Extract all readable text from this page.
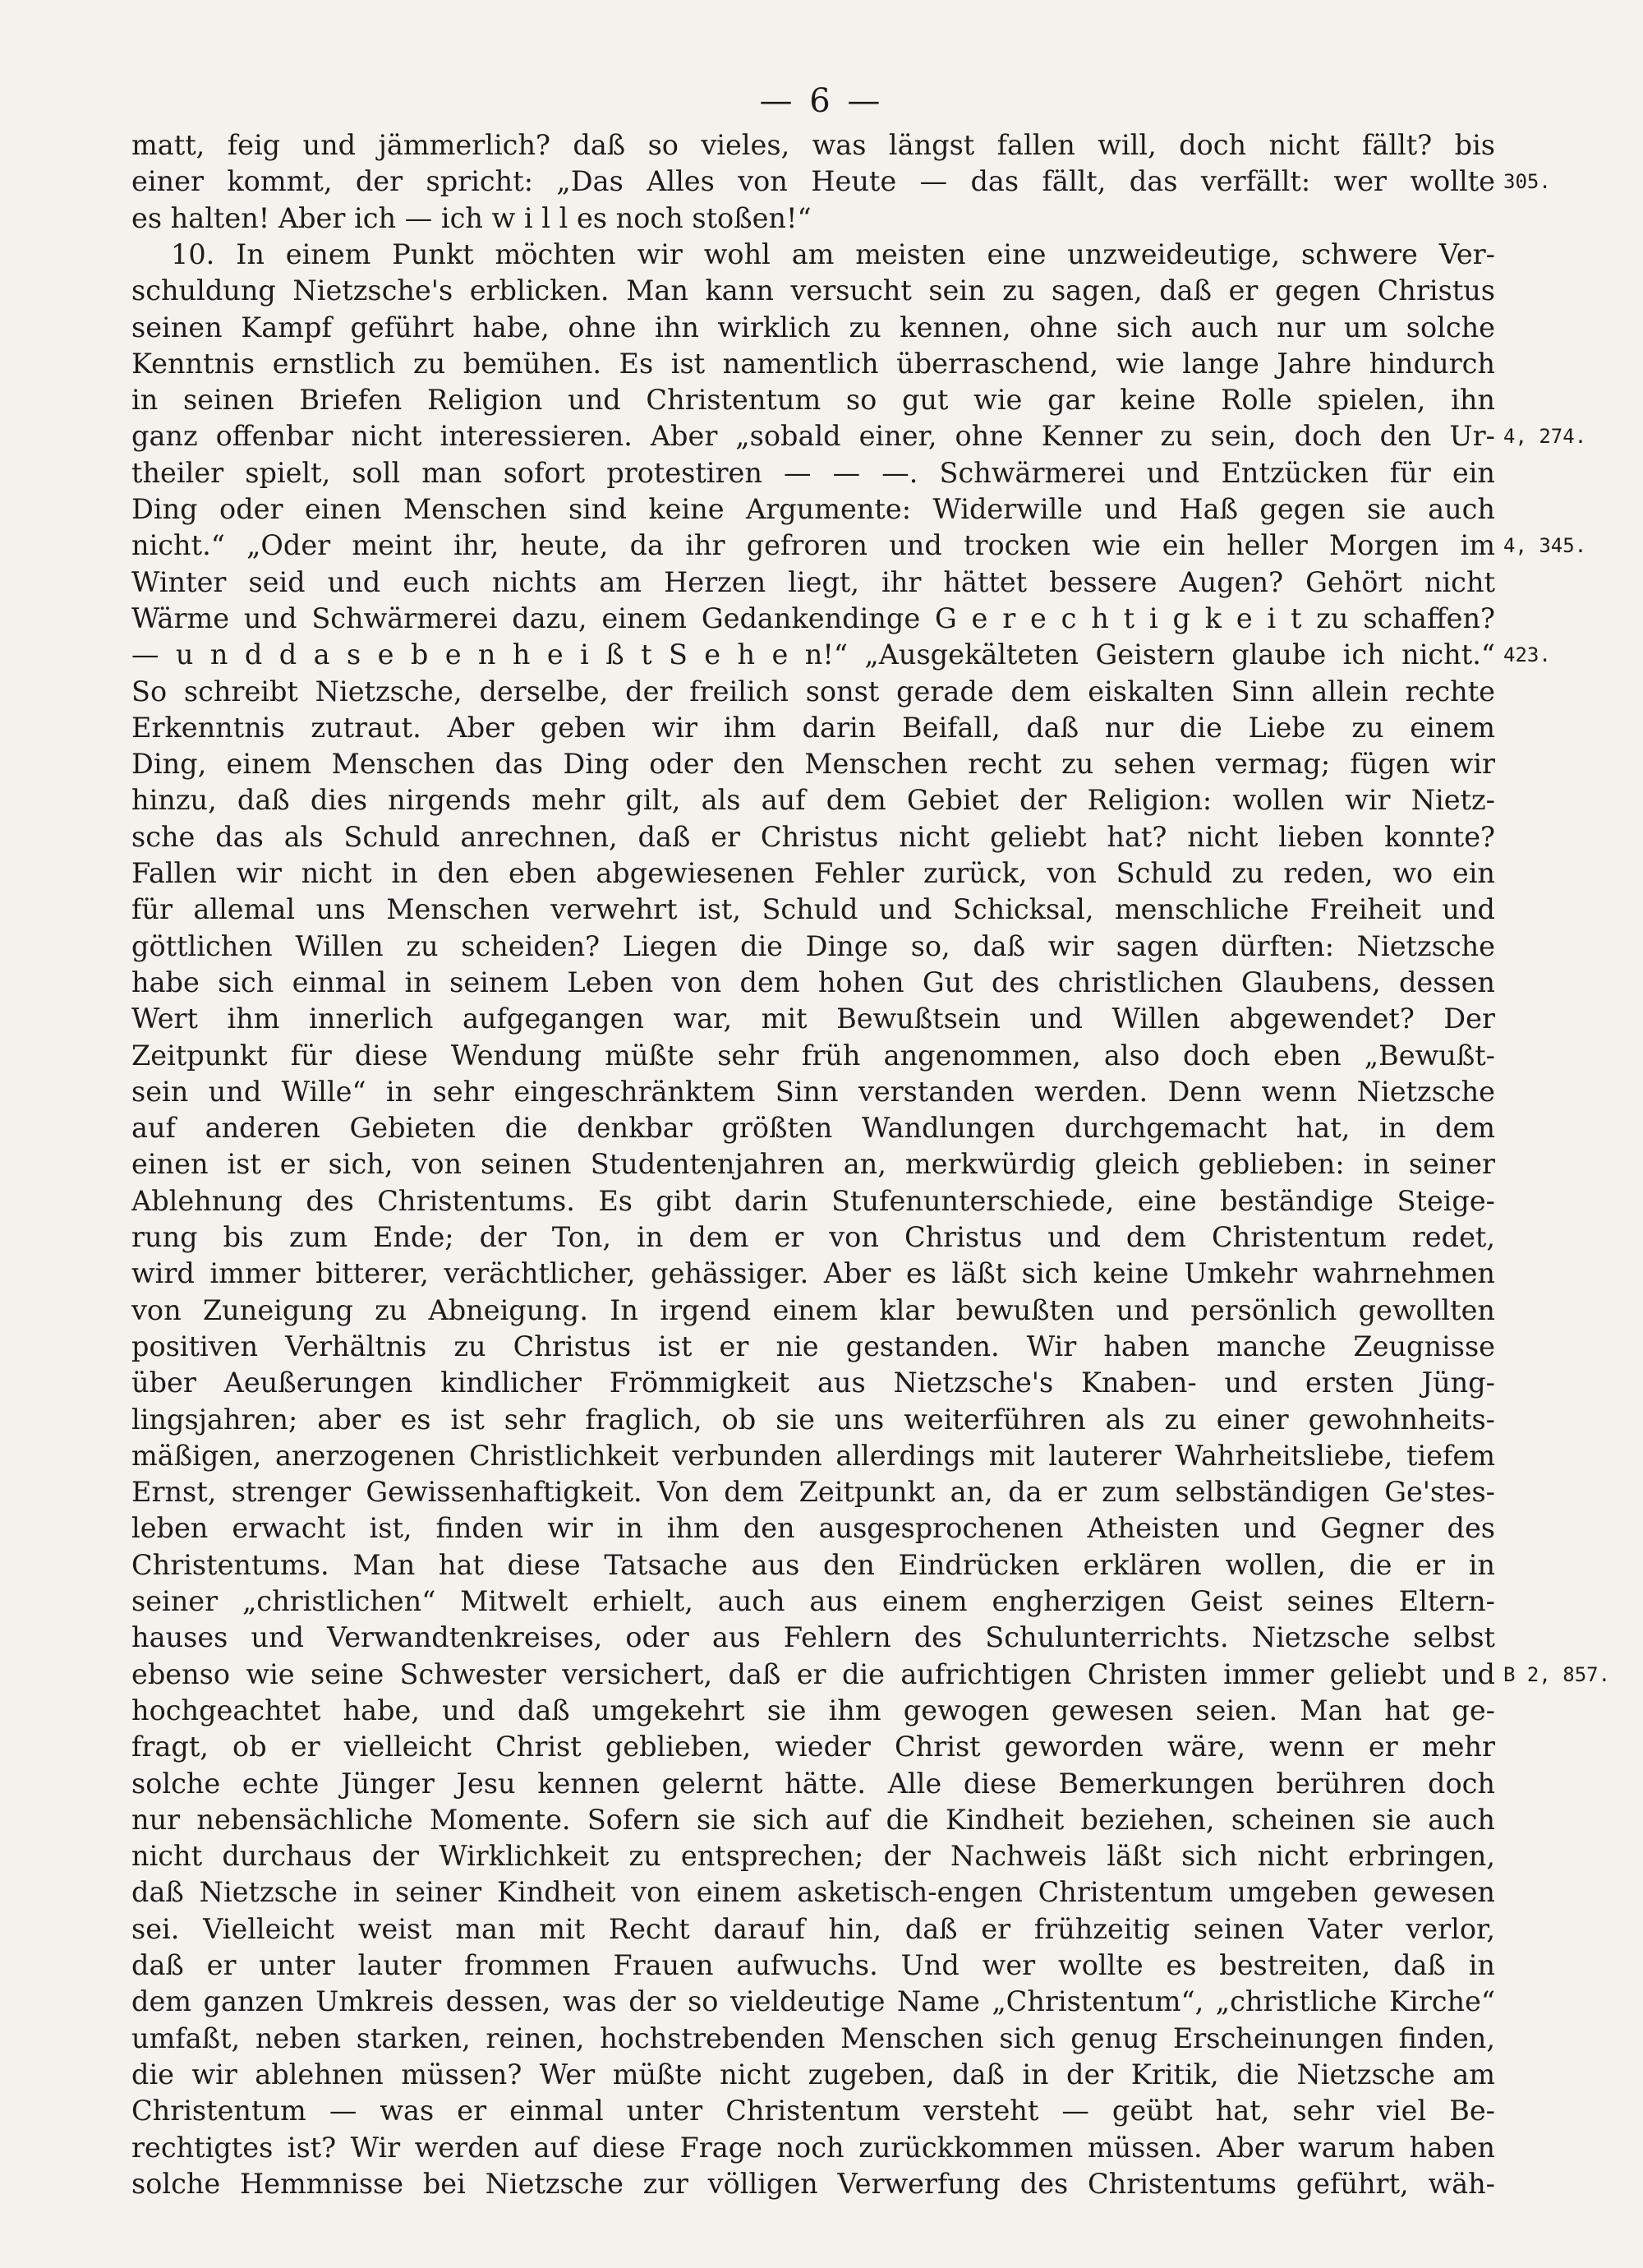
— 6 —
matt, feig und jämmerlich? daß so vieles, was längst fallen will, doch nicht fällt? bis
einer kommt, der spricht: „Das Alles von Heute — das fällt, das verfällt: wer wollte
es halten! Aber ich — ich w i l l es noch stoßen!“
10. In einem Punkt möchten wir wohl am meisten eine unzweideutige, schwere Ver-
schuldung Nietzsche's erblicken. Man kann versucht sein zu sagen, daß er gegen Christus
seinen Kampf geführt habe, ohne ihn wirklich zu kennen, ohne sich auch nur um solche
Kenntnis ernstlich zu bemühen. Es ist namentlich überraschend, wie lange Jahre hindurch
in seinen Briefen Religion und Christentum so gut wie gar keine Rolle spielen, ihn
ganz offenbar nicht interessieren. Aber „sobald einer, ohne Kenner zu sein, doch den Ur-
theiler spielt, soll man sofort protestiren — — —. Schwärmerei und Entzücken für ein
Ding oder einen Menschen sind keine Argumente: Widerwille und Haß gegen sie auch
nicht.“ „Oder meint ihr, heute, da ihr gefroren und trocken wie ein heller Morgen im
Winter seid und euch nichts am Herzen liegt, ihr hättet bessere Augen? Gehört nicht
Wärme und Schwärmerei dazu, einem Gedankendinge G e r e c h t i g k e i t zu schaffen?
— u n d d a s e b e n h e i ß t S e h e n!“ „Ausgekälteten Geistern glaube ich nicht.“
So schreibt Nietzsche, derselbe, der freilich sonst gerade dem eiskalten Sinn allein rechte
Erkenntnis zutraut. Aber geben wir ihm darin Beifall, daß nur die Liebe zu einem
Ding, einem Menschen das Ding oder den Menschen recht zu sehen vermag; fügen wir
hinzu, daß dies nirgends mehr gilt, als auf dem Gebiet der Religion: wollen wir Nietz-
sche das als Schuld anrechnen, daß er Christus nicht geliebt hat? nicht lieben konnte?
Fallen wir nicht in den eben abgewiesenen Fehler zurück, von Schuld zu reden, wo ein
für allemal uns Menschen verwehrt ist, Schuld und Schicksal, menschliche Freiheit und
göttlichen Willen zu scheiden? Liegen die Dinge so, daß wir sagen dürften: Nietzsche
habe sich einmal in seinem Leben von dem hohen Gut des christlichen Glaubens, dessen
Wert ihm innerlich aufgegangen war, mit Bewußtsein und Willen abgewendet? Der
Zeitpunkt für diese Wendung müßte sehr früh angenommen, also doch eben „Bewußt-
sein und Wille“ in sehr eingeschränktem Sinn verstanden werden. Denn wenn Nietzsche
auf anderen Gebieten die denkbar größten Wandlungen durchgemacht hat, in dem
einen ist er sich, von seinen Studentenjahren an, merkwürdig gleich geblieben: in seiner
Ablehnung des Christentums. Es gibt darin Stufenunterschiede, eine beständige Steige-
rung bis zum Ende; der Ton, in dem er von Christus und dem Christentum redet,
wird immer bitterer, verächtlicher, gehässiger. Aber es läßt sich keine Umkehr wahrnehmen
von Zuneigung zu Abneigung. In irgend einem klar bewußten und persönlich gewollten
positiven Verhältnis zu Christus ist er nie gestanden. Wir haben manche Zeugnisse
über Aeußerungen kindlicher Frömmigkeit aus Nietzsche's Knaben- und ersten Jüng-
lingsjahren; aber es ist sehr fraglich, ob sie uns weiterführen als zu einer gewohnheits-
mäßigen, anerzogenen Christlichkeit verbunden allerdings mit lauterer Wahrheitsliebe, tiefem
Ernst, strenger Gewissenhaftigkeit. Von dem Zeitpunkt an, da er zum selbständigen Ge'stes-
leben erwacht ist, finden wir in ihm den ausgesprochenen Atheisten und Gegner des
Christentums. Man hat diese Tatsache aus den Eindrücken erklären wollen, die er in
seiner „christlichen“ Mitwelt erhielt, auch aus einem engherzigen Geist seines Eltern-
hauses und Verwandtenkreises, oder aus Fehlern des Schulunterrichts. Nietzsche selbst
ebenso wie seine Schwester versichert, daß er die aufrichtigen Christen immer geliebt und
hochgeachtet habe, und daß umgekehrt sie ihm gewogen gewesen seien. Man hat ge-
fragt, ob er vielleicht Christ geblieben, wieder Christ geworden wäre, wenn er mehr
solche echte Jünger Jesu kennen gelernt hätte. Alle diese Bemerkungen berühren doch
nur nebensächliche Momente. Sofern sie sich auf die Kindheit beziehen, scheinen sie auch
nicht durchaus der Wirklichkeit zu entsprechen; der Nachweis läßt sich nicht erbringen,
daß Nietzsche in seiner Kindheit von einem asketisch-engen Christentum umgeben gewesen
sei. Vielleicht weist man mit Recht darauf hin, daß er frühzeitig seinen Vater verlor,
daß er unter lauter frommen Frauen aufwuchs. Und wer wollte es bestreiten, daß in
dem ganzen Umkreis dessen, was der so vieldeutige Name „Christentum“, „christliche Kirche“
umfaßt, neben starken, reinen, hochstrebenden Menschen sich genug Erscheinungen finden,
die wir ablehnen müssen? Wer müßte nicht zugeben, daß in der Kritik, die Nietzsche am
Christentum — was er einmal unter Christentum versteht — geübt hat, sehr viel Be-
rechtigtes ist? Wir werden auf diese Frage noch zurückkommen müssen. Aber warum haben
solche Hemmnisse bei Nietzsche zur völligen Verwerfung des Christentums geführt, wäh-
305.
4, 274.
4, 345.
423.
B 2, 857.
